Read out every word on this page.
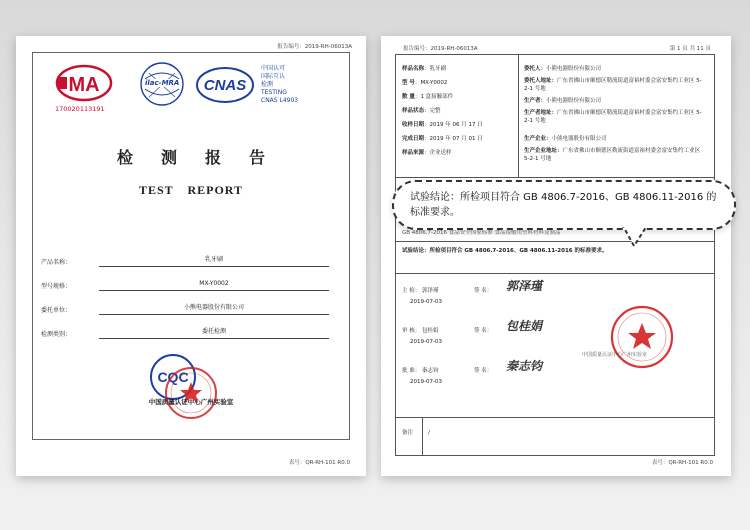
报告编号：2019-RH-06013A
MA
170020113191
ilac-MRA CNAS
中国认可
国际互认
检测
TESTING
CNAS L4903
检测报告
TEST REPORT
产品名称：	乳牙刷
型号规格：	MX-Y0002
委托单位：	小熊电器股份有限公司
检测类别：	委托检测
CQC
中国质量认证中心广州实验室
表号：QR-RH-101 R0.0
报告编号：2019-RH-06013A	第 1 页 共 11 页
样品名称：乳牙刷
型 号：MX-Y0002
数 量：1 盒接触部件
样品状态：完整
收样日期：2019 年 06 月 17 日
完成日期：2019 年 07 月 01 日
样品来源：企业送样
委托人：小熊电器股份有限公司
委托人地址：广东省佛山市顺德区勒流街道富裕村委会富安集约工业区 5-2-1 号地
生产者：小熊电器股份有限公司
生产者地址：广东省佛山市顺德区勒流街道富裕村委会富安集约工业区 5-2-1 号地
生产企业：小熊电器股份有限公司
生产企业地址：广东省佛山市顺德区勒流街道富裕村委会富安集约工业区 5-2-1 号地
GB 4806.7-2016 食品安全国家标准 食品接触用塑料材料及制品
试验结论：所检项目符合 GB 4806.7-2016、GB 4806.11-2016 的标准要求。
主 检： 郭泽瑾	签 名： 郭泽瑾
2019-07-03
审 核： 包桂娟	签 名： 包桂娟
2019-07-03
批 准： 秦志钧	签 名： 秦志钧
2019-07-03
中国质量认证中心广州实验室
备注	/
表号：QR-RH-101 R0.0
试验结论：所检项目符合 GB 4806.7-2016、GB 4806.11-2016 的标准要求。
